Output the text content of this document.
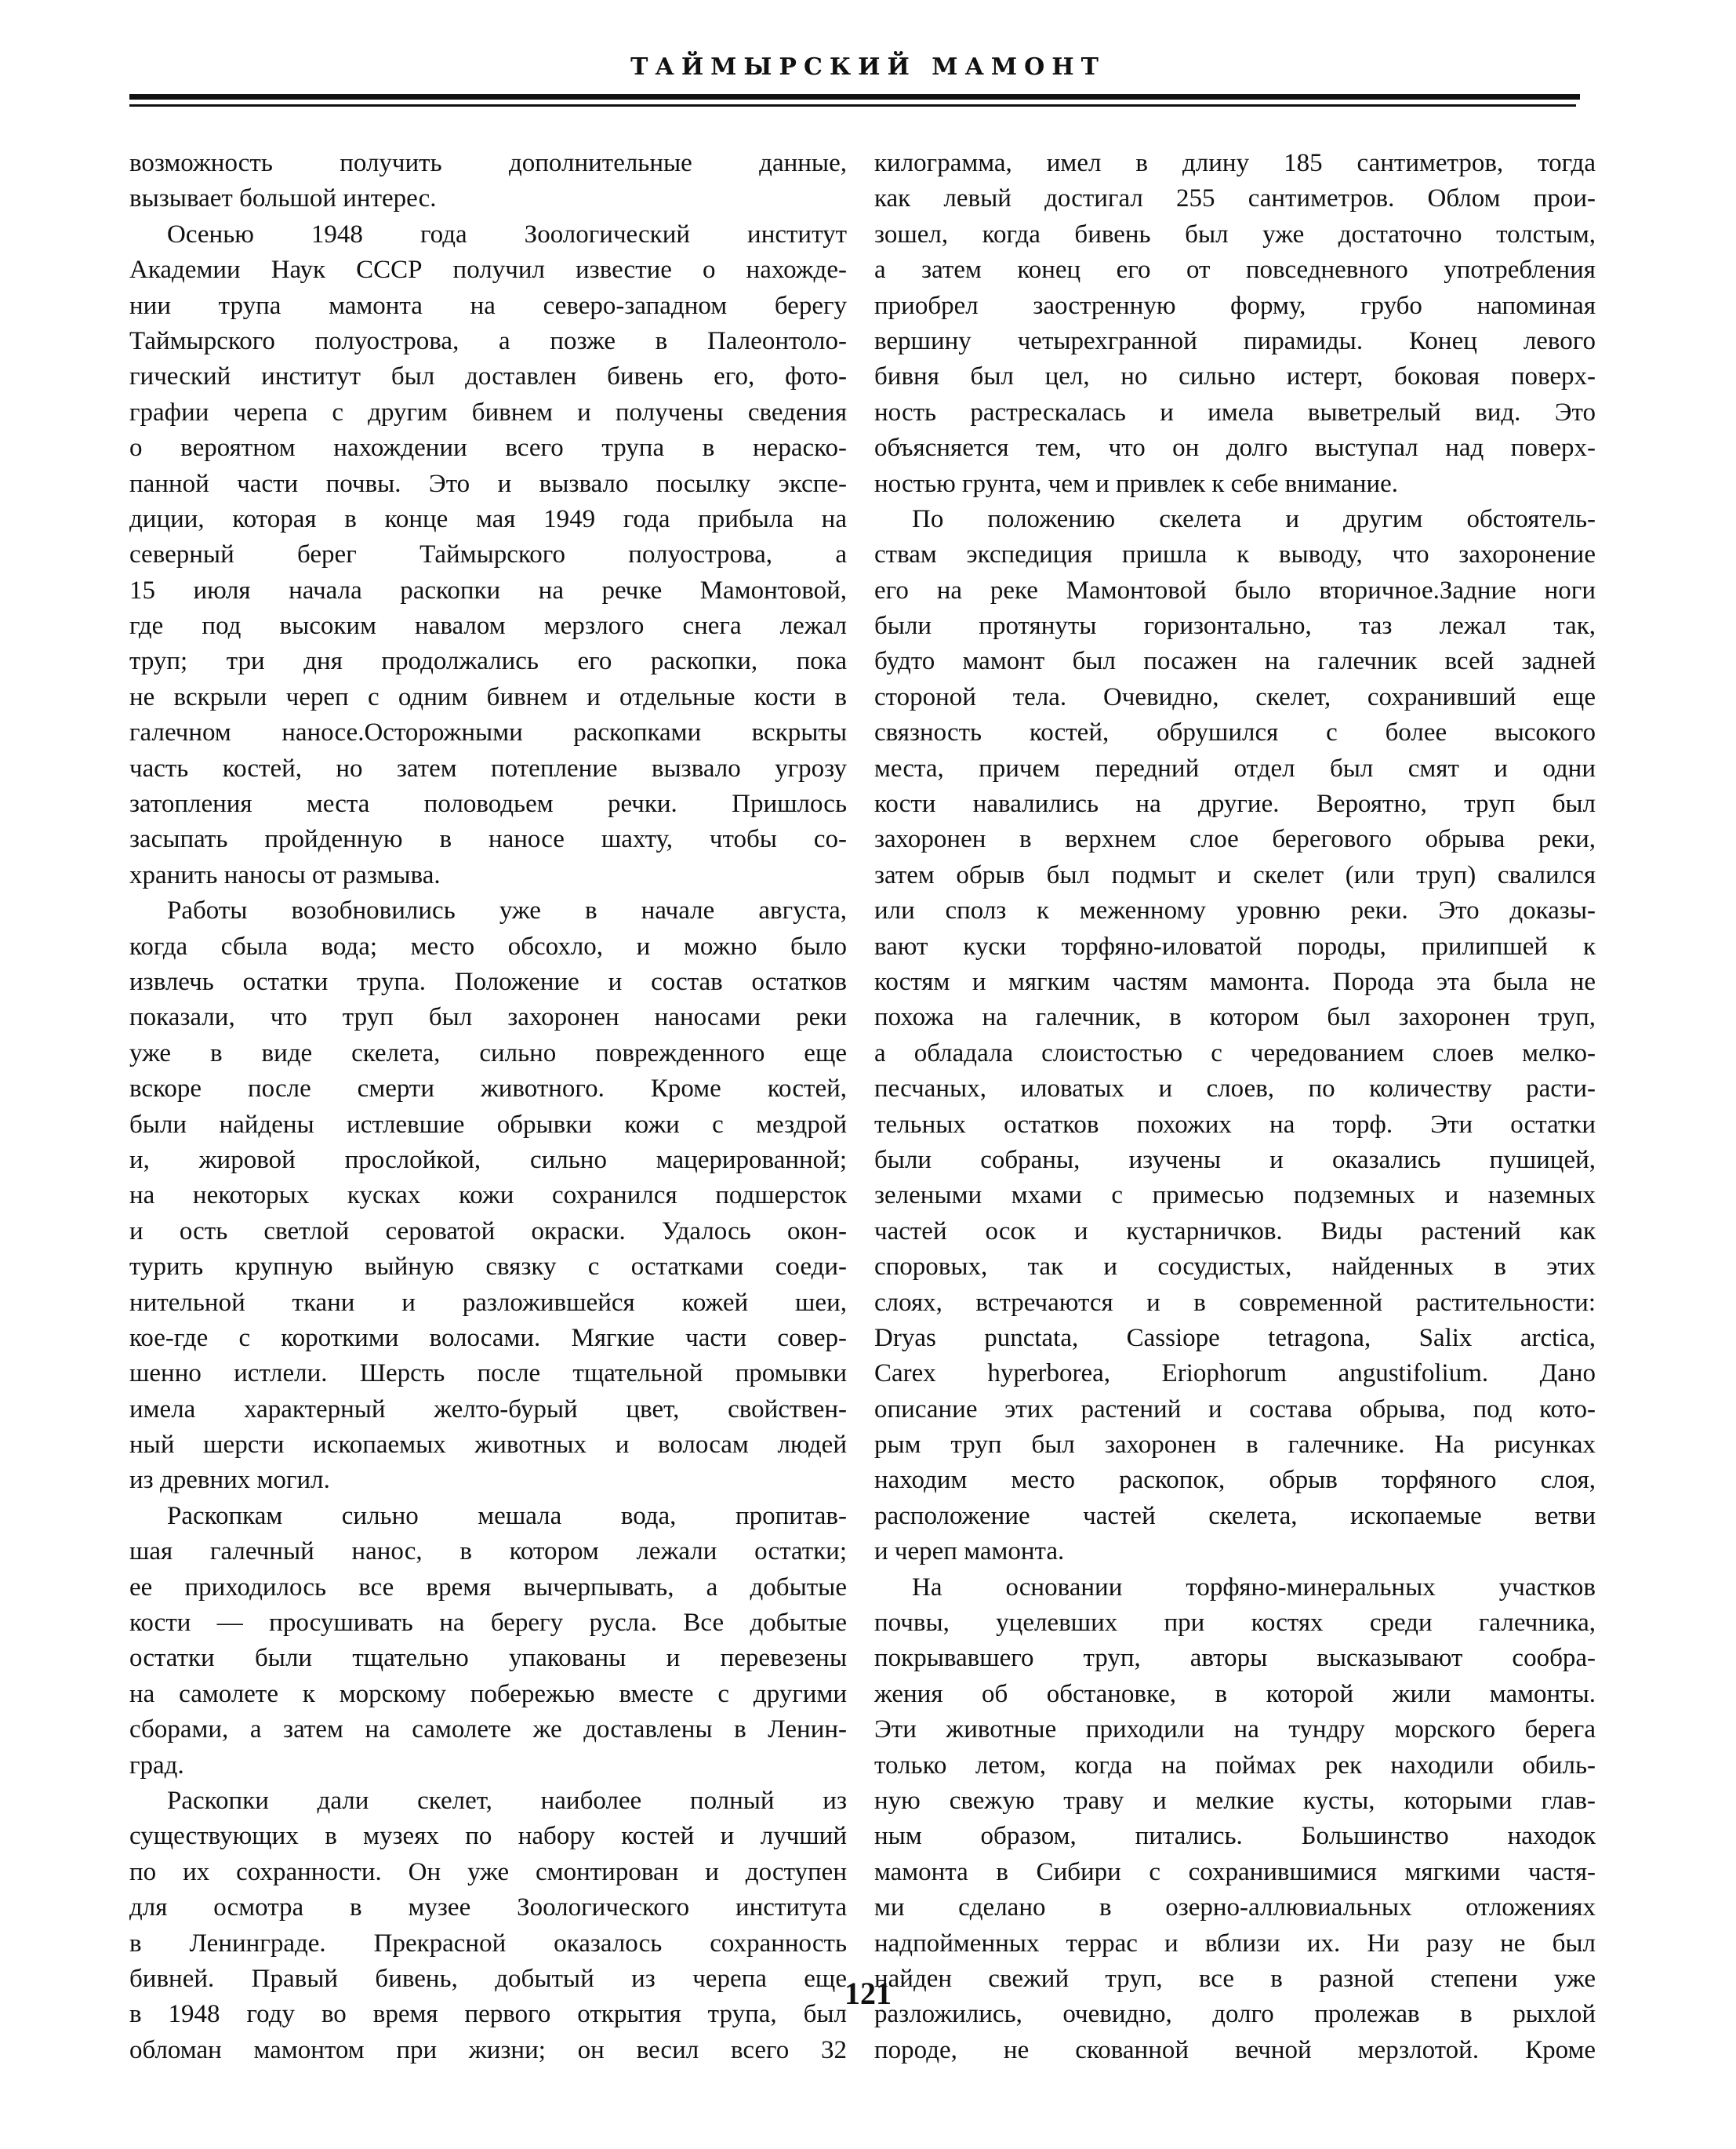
ТАЙМЫРСКИЙ МАМОНТ
возможность получить дополнительные данные,
вызывает большой интерес.
Осенью 1948 года Зоологический институт
Академии Наук СССР получил известие о нахожде-
нии трупа мамонта на северо-западном берегу
Таймырского полуострова, а позже в Палеонтоло-
гический институт был доставлен бивень его, фото-
графии черепа с другим бивнем и получены сведения
о вероятном нахождении всего трупа в нераско-
панной части почвы. Это и вызвало посылку экспе-
диции, которая в конце мая 1949 года прибыла на
северный берег Таймырского полуострова, а
15 июля начала раскопки на речке Мамонтовой,
где под высоким навалом мерзлого снега лежал
труп; три дня продолжались его раскопки, пока
не вскрыли череп с одним бивнем и отдельные кости в
галечном наносе.Осторожными раскопками вскрыты
часть костей, но затем потепление вызвало угрозу
затопления места половодьем речки. Пришлось
засыпать пройденную в наносе шахту, чтобы со-
хранить наносы от размыва.
Работы возобновились уже в начале августа,
когда сбыла вода; место обсохло, и можно было
извлечь остатки трупа. Положение и состав остатков
показали, что труп был захоронен наносами реки
уже в виде скелета, сильно поврежденного еще
вскоре после смерти животного. Кроме костей,
были найдены истлевшие обрывки кожи с мездрой
и, жировой прослойкой, сильно мацерированной;
на некоторых кусках кожи сохранился подшерсток
и ость светлой сероватой окраски. Удалось окон-
турить крупную выйную связку с остатками соеди-
нительной ткани и разложившейся кожей шеи,
кое-где с короткими волосами. Мягкие части совер-
шенно истлели. Шерсть после тщательной промывки
имела характерный желто-бурый цвет, свойствен-
ный шерсти ископаемых животных и волосам людей
из древних могил.
Раскопкам сильно мешала вода, пропитав-
шая галечный нанос, в котором лежали остатки;
ее приходилось все время вычерпывать, а добытые
кости — просушивать на берегу русла. Все добытые
остатки были тщательно упакованы и перевезены
на самолете к морскому побережью вместе с другими
сборами, а затем на самолете же доставлены в Ленин-
град.
Раскопки дали скелет, наиболее полный из
существующих в музеях по набору костей и лучший
по их сохранности. Он уже смонтирован и доступен
для осмотра в музее Зоологического института
в Ленинграде. Прекрасной оказалось сохранность
бивней. Правый бивень, добытый из черепа еще
в 1948 году во время первого открытия трупа, был
обломан мамонтом при жизни; он весил всего 32
килограмма, имел в длину 185 сантиметров, тогда
как левый достигал 255 сантиметров. Облом прои-
зошел, когда бивень был уже достаточно толстым,
а затем конец его от повседневного употребления
приобрел заостренную форму, грубо напоминая
вершину четырехгранной пирамиды. Конец левого
бивня был цел, но сильно истерт, боковая поверх-
ность растрескалась и имела выветрелый вид. Это
объясняется тем, что он долго выступал над поверх-
ностью грунта, чем и привлек к себе внимание.
По положению скелета и другим обстоятель-
ствам экспедиция пришла к выводу, что захоронение
его на реке Мамонтовой было вторичное.Задние ноги
были протянуты горизонтально, таз лежал так,
будто мамонт был посажен на галечник всей задней
стороной тела. Очевидно, скелет, сохранивший еще
связность костей, обрушился с более высокого
места, причем передний отдел был смят и одни
кости навалились на другие. Вероятно, труп был
захоронен в верхнем слое берегового обрыва реки,
затем обрыв был подмыт и скелет (или труп) свалился
или сполз к меженному уровню реки. Это доказы-
вают куски торфяно-иловатой породы, прилипшей к
костям и мягким частям мамонта. Порода эта была не
похожа на галечник, в котором был захоронен труп,
а обладала слоистостью с чередованием слоев мелко-
песчаных, иловатых и слоев, по количеству расти-
тельных остатков похожих на торф. Эти остатки
были собраны, изучены и оказались пушицей,
зелеными мхами с примесью подземных и наземных
частей осок и кустарничков. Виды растений как
споровых, так и сосудистых, найденных в этих
слоях, встречаются и в современной растительности:
Dryas punctata, Cassiope tetragona, Salix arctica,
Carex hyperborea, Eriophorum angustifolium. Дано
описание этих растений и состава обрыва, под кото-
рым труп был захоронен в галечнике. На рисунках
находим место раскопок, обрыв торфяного слоя,
расположение частей скелета, ископаемые ветви
и череп мамонта.
На основании торфяно-минеральных участков
почвы, уцелевших при костях среди галечника,
покрывавшего труп, авторы высказывают сообра-
жения об обстановке, в которой жили мамонты.
Эти животные приходили на тундру морского берега
только летом, когда на поймах рек находили обиль-
ную свежую траву и мелкие кусты, которыми глав-
ным образом, питались. Большинство находок
мамонта в Сибири с сохранившимися мягкими частя-
ми сделано в озерно-аллювиальных отложениях
надпойменных террас и вблизи их. Ни разу не был
найден свежий труп, все в разной степени уже
разложились, очевидно, долго пролежав в рыхлой
породе, не скованной вечной мерзлотой. Кроме
121
